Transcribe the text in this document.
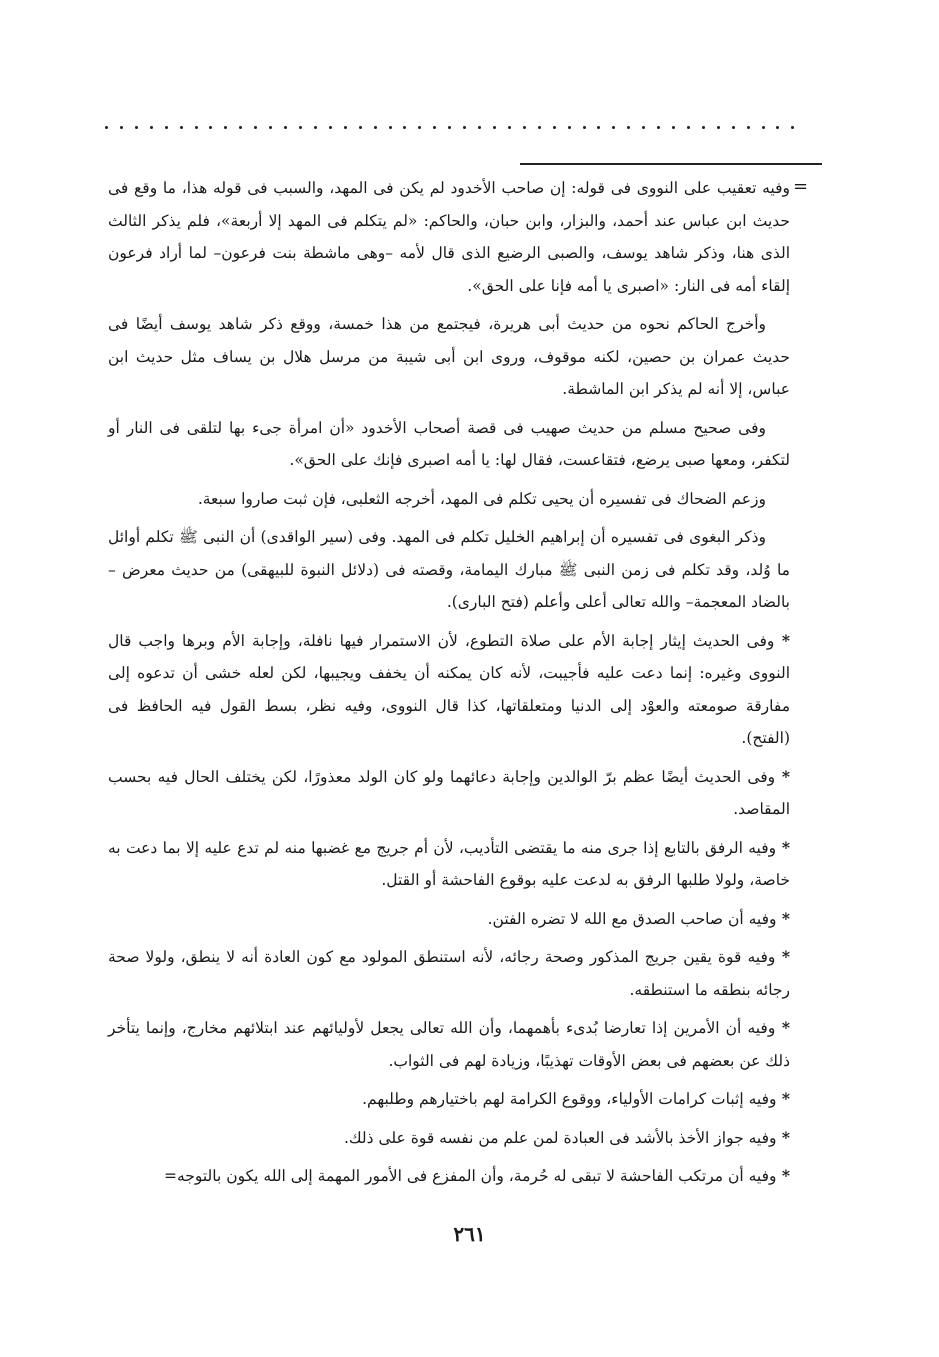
=

وفيه تعقيب على النووى فى قوله: إن صاحب الأخدود لم يكن فى المهد، والسبب فى قوله هذا، ما وقع فى حديث ابن عباس عند أحمد، والبزار، وابن حبان، والحاكم: «لم يتكلم فى المهد إلا أربعة»، فلم يذكر الثالث الذى هنا، وذكر شاهد يوسف، والصبى الرضيع الذى قال لأمه –وهى ماشطة بنت فرعون– لما أراد فرعون إلقاء أمه فى النار: «اصبرى يا أمه فإنا على الحق».

وأخرج الحاكم نحوه من حديث أبى هريرة، فيجتمع من هذا خمسة، ووقع ذكر شاهد يوسف أيضًا فى حديث عمران بن حصين، لكنه موقوف، وروى ابن أبى شيبة من مرسل هلال بن يساف مثل حديث ابن عباس، إلا أنه لم يذكر ابن الماشطة.

وفى صحيح مسلم من حديث صهيب فى قصة أصحاب الأخدود «أن امرأة جىء بها لتلقى فى النار أو لتكفر، ومعها صبى يرضع، فتقاعست، فقال لها: يا أمه اصبرى فإنك على الحق».

وزعم الضحاك فى تفسيره أن يحيى تكلم فى المهد، أخرجه الثعلبى، فإن ثبت صاروا سبعة.

وذكر البغوى فى تفسيره أن إبراهيم الخليل تكلم فى المهد. وفى (سير الواقدى) أن النبى ﷺ تكلم أوائل ما وُلد، وقد تكلم فى زمن النبى ﷺ مبارك اليمامة، وقصته فى (دلائل النبوة للبيهقى) من حديث معرض –بالضاد المعجمة– والله تعالى أعلى وأعلم (فتح البارى).

* وفى الحديث إيثار إجابة الأم على صلاة التطوع، لأن الاستمرار فيها نافلة، وإجابة الأم وبرها واجب قال النووى وغيره: إنما دعت عليه فأجيبت، لأنه كان يمكنه أن يخفف ويجيبها، لكن لعله خشى أن تدعوه إلى مفارقة صومعته والعوْد إلى الدنيا ومتعلقاتها، كذا قال النووى، وفيه نظر، بسط القول فيه الحافظ فى (الفتح).

* وفى الحديث أيضًا عظم برّ الوالدين وإجابة دعائهما ولو كان الولد معذورًا، لكن يختلف الحال فيه بحسب المقاصد.

* وفيه الرفق بالتابع إذا جرى منه ما يقتضى التأديب، لأن أم جريج مع غضبها منه لم تدع عليه إلا بما دعت به خاصة، ولولا طلبها الرفق به لدعت عليه بوقوع الفاحشة أو القتل.

* وفيه أن صاحب الصدق مع الله لا تضره الفتن.

* وفيه قوة يقين جريج المذكور وصحة رجائه، لأنه استنطق المولود مع كون العادة أنه لا ينطق، ولولا صحة رجائه بنطقه ما استنطقه.

* وفيه أن الأمرين إذا تعارضا بُدىء بأهمهما، وأن الله تعالى يجعل لأوليائهم عند ابتلائهم مخارج، وإنما يتأخر ذلك عن بعضهم فى بعض الأوقات تهذيبًا، وزيادة لهم فى الثواب.

* وفيه إثبات كرامات الأولياء، ووقوع الكرامة لهم باختيارهم وطلبهم.

* وفيه جواز الأخذ بالأشد فى العبادة لمن علم من نفسه قوة على ذلك.

* وفيه أن مرتكب الفاحشة لا تبقى له حُرمة، وأن المفزع فى الأمور المهمة إلى الله يكون بالتوجه=

٢٦١
